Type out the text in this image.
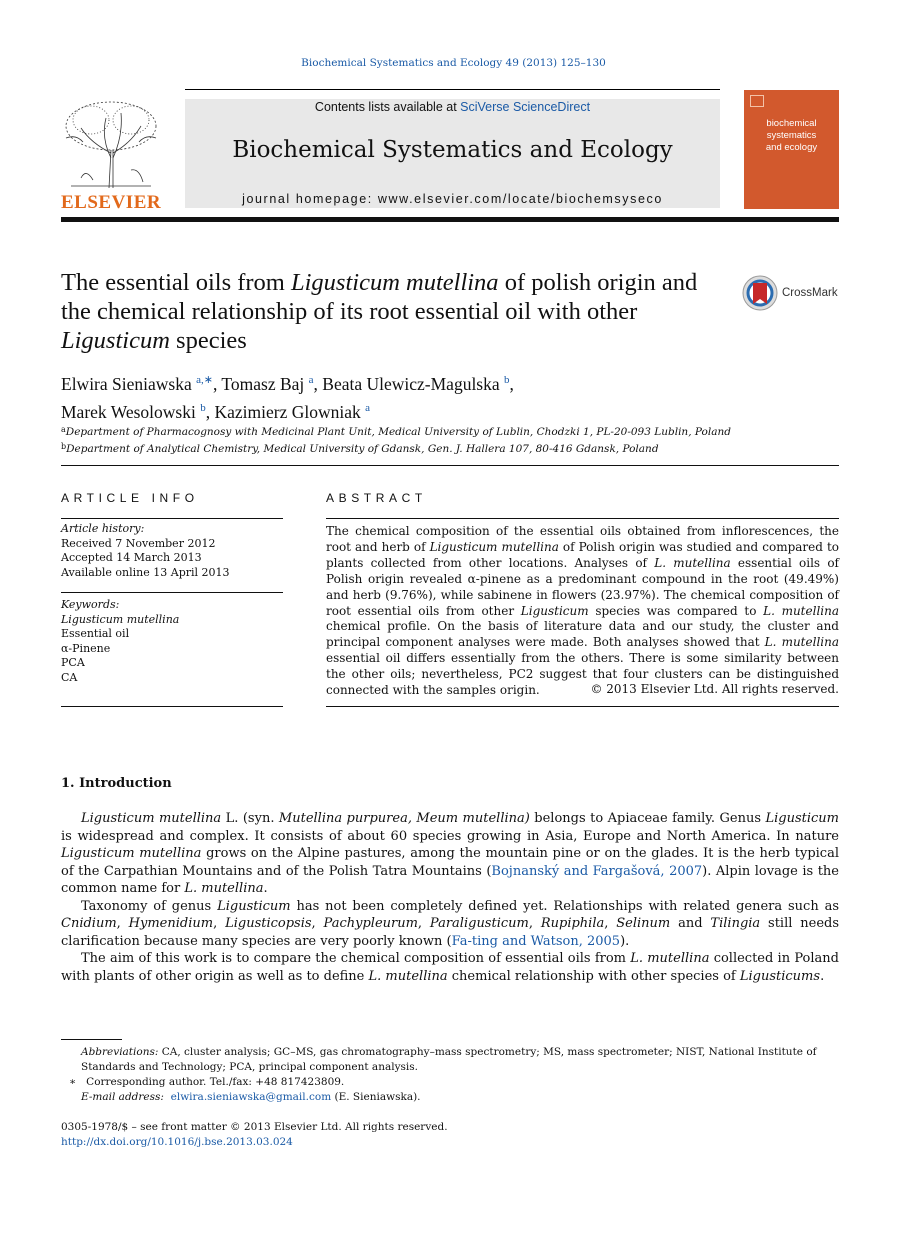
Biochemical Systematics and Ecology 49 (2013) 125–130
ELSEVIER
Contents lists available at SciVerse ScienceDirect
Biochemical Systematics and Ecology
journal homepage: www.elsevier.com/locate/biochemsyseco
biochemical
systematics
and ecology
The essential oils from Ligusticum mutellina of polish origin and the chemical relationship of its root essential oil with other Ligusticum species
CrossMark
Elwira Sieniawska $^{a,∗}$, Tomasz Baj $^a$, Beata Ulewicz-Magulska $^b$,
Marek Wesolowski $^b$, Kazimierz Glowniak $^a$
$^a$Department of Pharmacognosy with Medicinal Plant Unit, Medical University of Lublin, Chodzki 1, PL-20-093 Lublin, Poland
$^b$Department of Analytical Chemistry, Medical University of Gdansk, Gen. J. Hallera 107, 80-416 Gdansk, Poland
ARTICLE INFO	ABSTRACT
Article history:
Received 7 November 2012
Accepted 14 March 2013
Available online 13 April 2013
Keywords:
Ligusticum mutellina
Essential oil
α-Pinene
PCA
CA
The chemical composition of the essential oils obtained from inflorescences, the root and herb of Ligusticum mutellina of Polish origin was studied and compared to plants collected from other locations. Analyses of L. mutellina essential oils of Polish origin revealed α-pinene as a predominant compound in the root (49.49%) and herb (9.76%), while sabinene in flowers (23.97%). The chemical composition of root essential oils from other Ligusticum species was compared to L. mutellina chemical profile. On the basis of literature data and our study, the cluster and principal component analyses were made. Both analyses showed that L. mutellina essential oil differs essentially from the others. There is some similarity between the other oils; nevertheless, PC2 suggest that four clusters can be distinguished connected with the samples origin.	© 2013 Elsevier Ltd. All rights reserved.
1. Introduction

Ligusticum mutellina L. (syn. Mutellina purpurea, Meum mutellina) belongs to Apiaceae family. Genus Ligusticum is widespread and complex. It consists of about 60 species growing in Asia, Europe and North America. In nature Ligusticum mutellina grows on the Alpine pastures, among the mountain pine or on the glades. It is the herb typical of the Carpathian Mountains and of the Polish Tatra Mountains (Bojnanský and Fargašová, 2007). Alpin lovage is the common name for L. mutellina.

Taxonomy of genus Ligusticum has not been completely defined yet. Relationships with related genera such as Cnidium, Hymenidium, Ligusticopsis, Pachypleurum, Paraligusticum, Rupiphila, Selinum and Tilingia still needs clarification because many species are very poorly known (Fa-ting and Watson, 2005).

The aim of this work is to compare the chemical composition of essential oils from L. mutellina collected in Poland with plants of other origin as well as to define L. mutellina chemical relationship with other species of Ligusticums.

Abbreviations: CA, cluster analysis; GC–MS, gas chromatography–mass spectrometry; MS, mass spectrometer; NIST, National Institute of Standards and Technology; PCA, principal component analysis.
∗ Corresponding author. Tel./fax: +48 817423809.
E-mail address: elwira.sieniawska@gmail.com (E. Sieniawska).
0305-1978/$ – see front matter © 2013 Elsevier Ltd. All rights reserved.
http://dx.doi.org/10.1016/j.bse.2013.03.024
